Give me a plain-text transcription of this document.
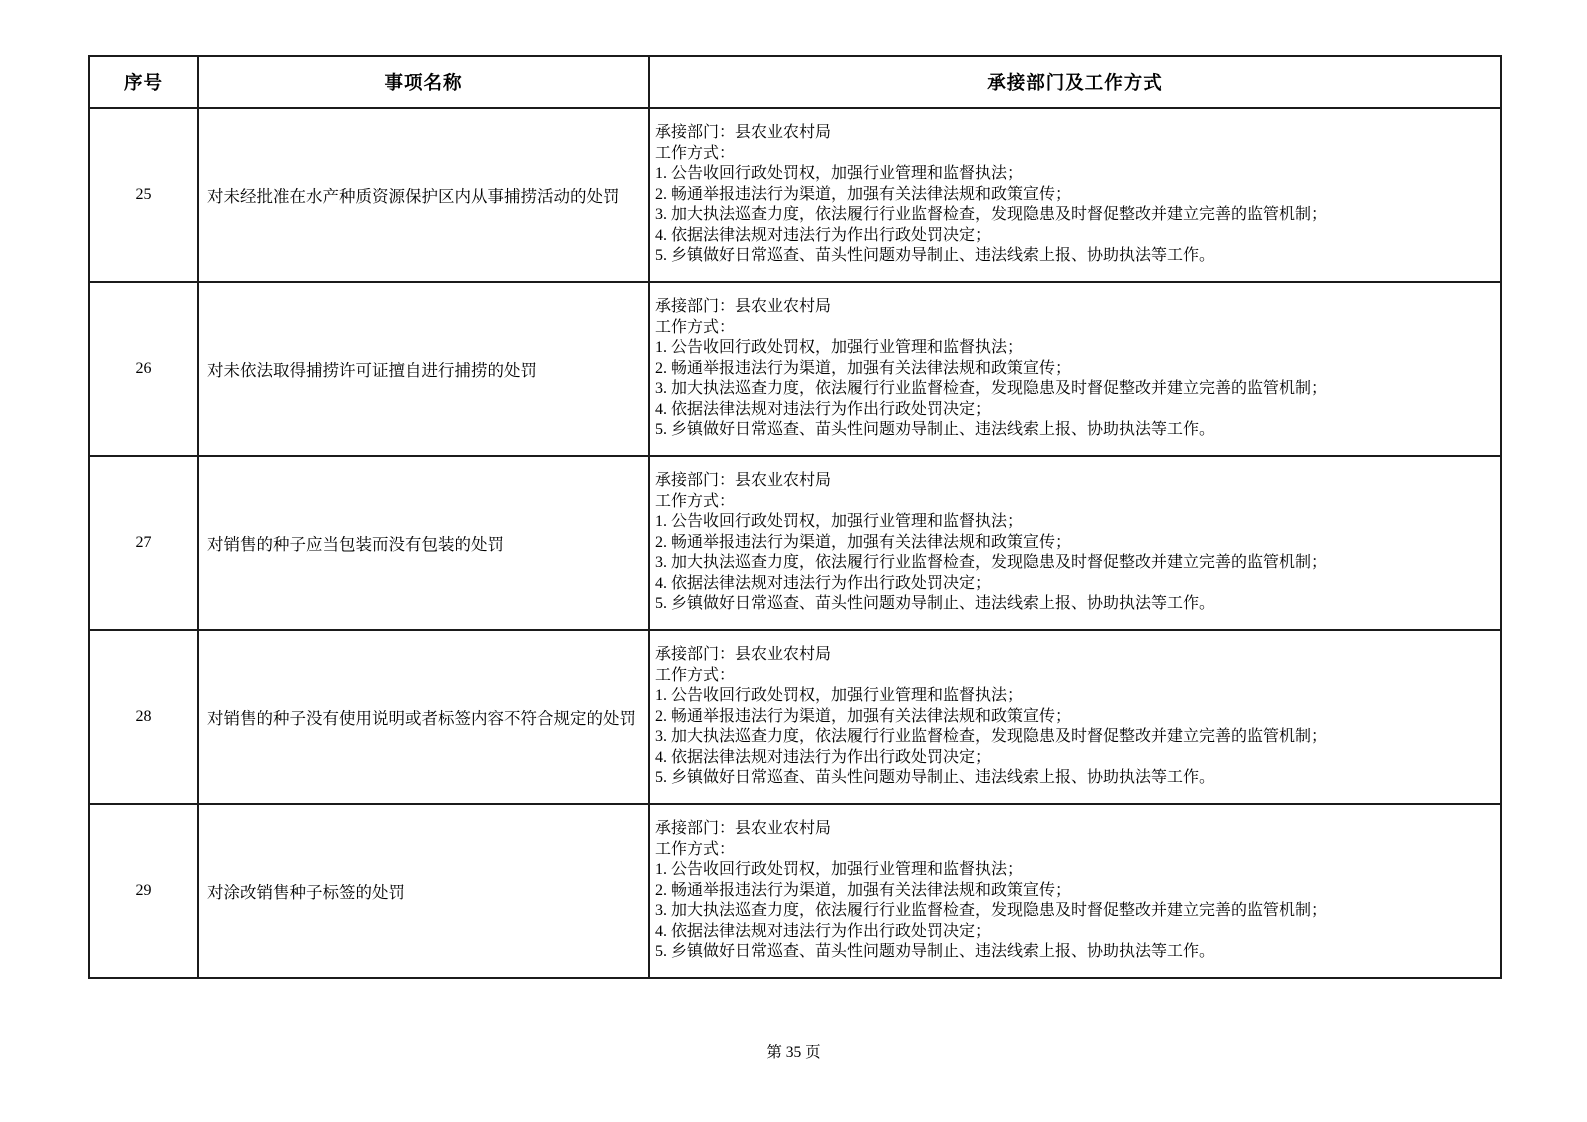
序号	事项名称	承接部门及工作方式
25	对未经批准在水产种质资源保护区内从事捕捞活动的处罚	
承接部门：县农业农村局
工作方式：
1. 公告收回行政处罚权，加强行业管理和监督执法；
2. 畅通举报违法行为渠道，加强有关法律法规和政策宣传；
3. 加大执法巡查力度，依法履行行业监督检查，发现隐患及时督促整改并建立完善的监管机制；
4. 依据法律法规对违法行为作出行政处罚决定；
5. 乡镇做好日常巡查、苗头性问题劝导制止、违法线索上报、协助执法等工作。

26	对未依法取得捕捞许可证擅自进行捕捞的处罚	
承接部门：县农业农村局
工作方式：
1. 公告收回行政处罚权，加强行业管理和监督执法；
2. 畅通举报违法行为渠道，加强有关法律法规和政策宣传；
3. 加大执法巡查力度，依法履行行业监督检查，发现隐患及时督促整改并建立完善的监管机制；
4. 依据法律法规对违法行为作出行政处罚决定；
5. 乡镇做好日常巡查、苗头性问题劝导制止、违法线索上报、协助执法等工作。

27	对销售的种子应当包装而没有包装的处罚	
承接部门：县农业农村局
工作方式：
1. 公告收回行政处罚权，加强行业管理和监督执法；
2. 畅通举报违法行为渠道，加强有关法律法规和政策宣传；
3. 加大执法巡查力度，依法履行行业监督检查，发现隐患及时督促整改并建立完善的监管机制；
4. 依据法律法规对违法行为作出行政处罚决定；
5. 乡镇做好日常巡查、苗头性问题劝导制止、违法线索上报、协助执法等工作。

28	对销售的种子没有使用说明或者标签内容不符合规定的处罚	
承接部门：县农业农村局
工作方式：
1. 公告收回行政处罚权，加强行业管理和监督执法；
2. 畅通举报违法行为渠道，加强有关法律法规和政策宣传；
3. 加大执法巡查力度，依法履行行业监督检查，发现隐患及时督促整改并建立完善的监管机制；
4. 依据法律法规对违法行为作出行政处罚决定；
5. 乡镇做好日常巡查、苗头性问题劝导制止、违法线索上报、协助执法等工作。

29	对涂改销售种子标签的处罚	
承接部门：县农业农村局
工作方式：
1. 公告收回行政处罚权，加强行业管理和监督执法；
2. 畅通举报违法行为渠道，加强有关法律法规和政策宣传；
3. 加大执法巡查力度，依法履行行业监督检查，发现隐患及时督促整改并建立完善的监管机制；
4. 依据法律法规对违法行为作出行政处罚决定；
5. 乡镇做好日常巡查、苗头性问题劝导制止、违法线索上报、协助执法等工作。
第 35 页
